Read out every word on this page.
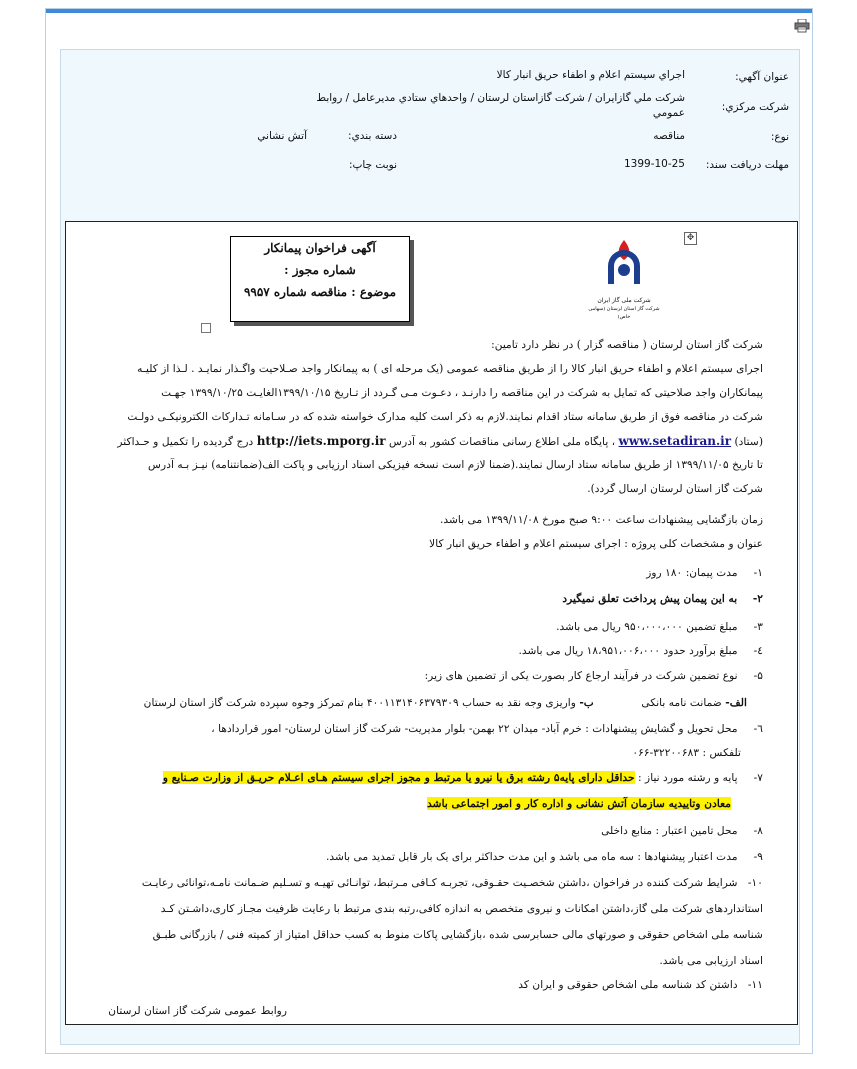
عنوان آگهي:
اجراي سيستم اعلام و اطفاء حريق انبار كالا
شركت مركزي:
شركت ملي گازايران / شركت گازاستان لرستان / واحدهاي ستادي مديرعامل / روابط
عمومي
نوع:
مناقصه
دسته بندي:
آتش نشاني
مهلت دريافت سند:
1399-10-25
نوبت چاپ:
✥
آگهی فراخوان پیمانکار
شماره مجوز :
موضوع : مناقصه شماره ۹۹۵۷
شرکت ملی گاز ایران
شرکت گاز استان لرستان (سهامی خاص)
شرکت گاز استان لرستان ( مناقصه گزار ) در نظر دارد تامین:
اجرای سیستم اعلام و اطفاء حریق انبار کالا را از طریق مناقصه عمومی (یک مرحله ای ) به پیمانکار واجد صـلاحیت واگـذار نمایـد . لـذا از کلیـه
پیمانکاران واجد صلاحیتی که تمایل به شرکت در این مناقصه را دارنـد ، دعـوت مـی گـردد از تـاریخ ۱۳۹۹/۱۰/۱۵الغایـت ۱۳۹۹/۱۰/۲۵ جهـت
شرکت در مناقصه فوق از طریق سامانه ستاد اقدام نمایند.لازم به ذکر است کلیه مدارک خواسته شده که در سـامانه تـدارکات الکترونیکـی دولـت
(ستاد) www.setadiran.ir ، پایگاه ملی اطلاع رسانی مناقصات کشور به آدرس http://iets.mporg.ir درج گردیده را تکمیل و حـداکثر
تا تاریخ ۱۳۹۹/۱۱/۰۵ از طریق سامانه ستاد ارسال نمایند.(ضمنا لازم است نسخه فیزیکی اسناد ارزیابی و پاکت الف(ضمانتنامه) نیـز بـه آدرس
شرکت گاز استان لرستان ارسال گردد).
زمان بازگشایی پیشنهادات ساعت ۹:۰۰ صبح مورخ ۱۳۹۹/۱۱/۰۸ می باشد.
عنوان و مشخصات کلی پروژه : اجرای سیستم اعلام و اطفاء حریق انبار کالا
۱- مدت پیمان: ۱۸۰ روز
۲- به این پیمان پیش پرداخت تعلق نمیگیرد
۳- مبلغ تضمین ۹۵۰،۰۰۰،۰۰۰ ریال می باشد.
٤- مبلغ برآورد حدود ۱۸،۹۵۱،۰۰۶،۰۰۰ ریال می باشد.
۵- نوع تضمین شرکت در فرآیند ارجاع کار بصورت یکی از تضمین های زیر:
الف- ضمانت نامه بانکی              ب- واریزی وجه نقد به حساب ۴۰۰۱۱۳۱۴۰۶۳۷۹۳۰۹ بنام تمرکز وجوه سپرده شرکت گاز استان لرستان
٦- محل تحویل و گشایش پیشنهادات : خرم آباد- میدان ۲۲ بهمن- بلوار مدیریت- شرکت گاز استان لرستان- امور قراردادها ،
تلفکس : ۳۲۲۰۰۶۸۳-۰۶۶
۷- پایه و رشته مورد نیاز : حداقل دارای پایه۵ رشته برق یا نیرو یا مرتبط و مجوز اجرای سیستم هـای اعـلام حریـق از وزارت صـنایع و
معادن وتاییدیه سازمان آتش نشانی و اداره کار و امور اجتماعی باشد
۸- محل تامین اعتبار : منابع داخلی
۹- مدت اعتبار پیشنهادها : سه ماه می باشد و این مدت حداکثر برای یک بار قابل تمدید می باشد.
۱۰- شرایط شرکت کننده در فراخوان ،داشتن شخصـیت حقـوقی، تجربـه کـافی مـرتبط، توانـائی تهیـه و تسـلیم ضـمانت نامـه،توانائی رعایـت
استانداردهای شرکت ملی گاز،داشتن امکانات و نیروی متخصص به اندازه کافی،رتبه بندی مرتبط با رعایت ظرفیت مجـاز کاری،داشـتن کـد
شناسه ملی اشخاص حقوقی و صورتهای مالی حسابرسی شده ،بازگشایی پاکات منوط به کسب حداقل امتیاز از کمیته فنی / بازرگانی طبـق
اسناد ارزیابی می باشد.
۱۱- داشتن کد شناسه ملی اشخاص حقوقی و ایران کد
روابط عمومی شرکت گاز استان لرستان
